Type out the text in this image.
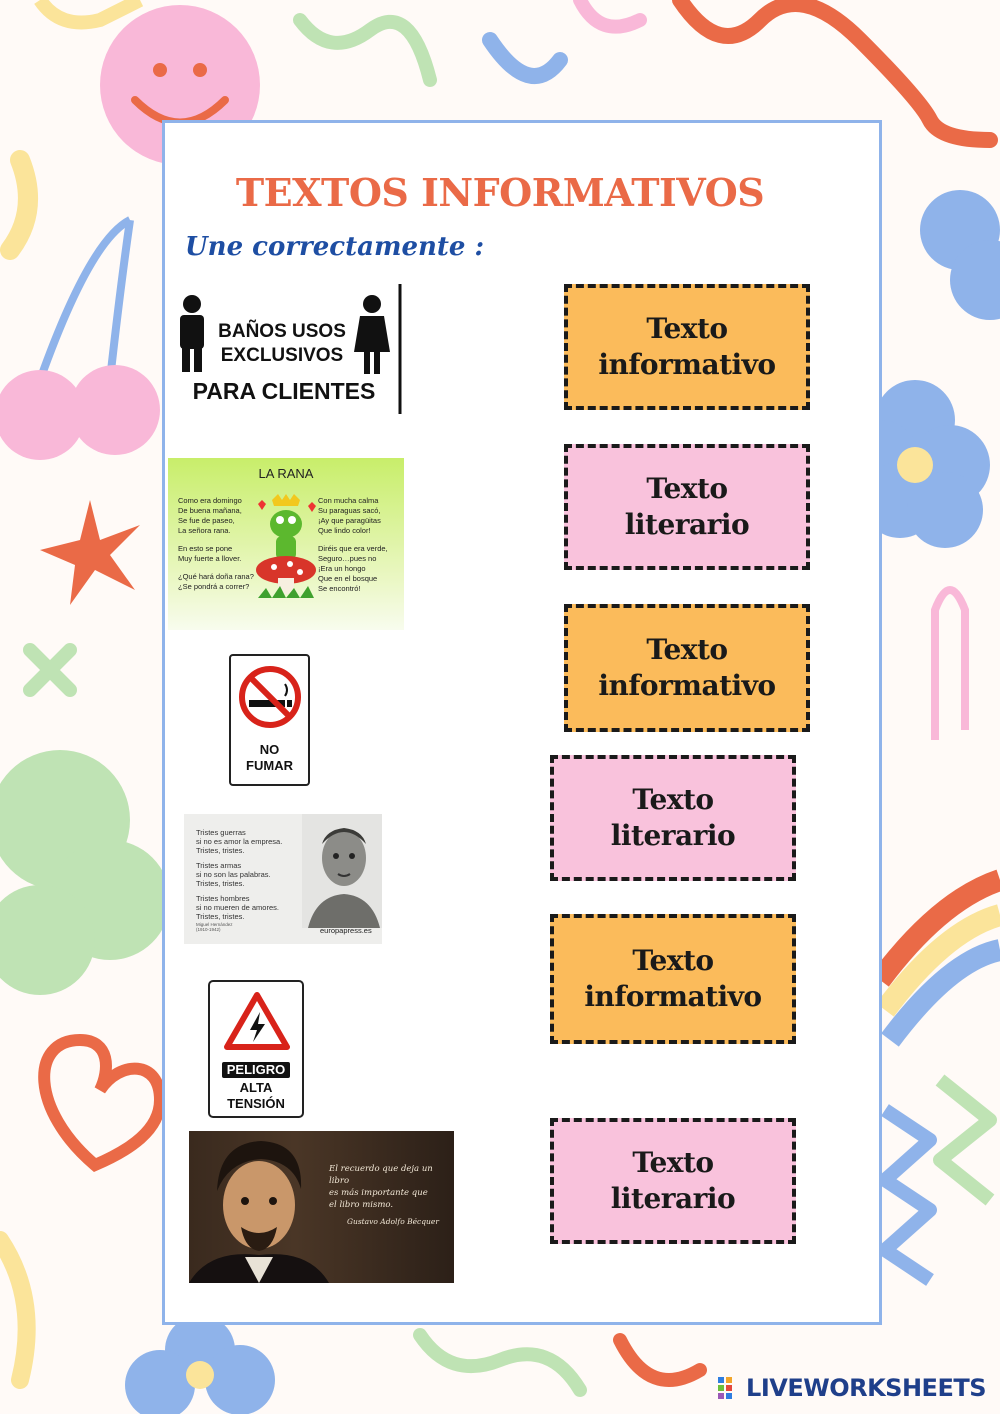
TEXTOS INFORMATIVOS
Une correctamente :
BAÑOS USOS
EXCLUSIVOS
PARA CLIENTES
LA RANA
Como era domingo
De buena mañana,
Se fue de paseo,
La señora rana.
En esto se pone
Muy fuerte a llover.
¿Qué hará doña rana?
¿Se pondrá a correr?
Con mucha calma
Su paraguas sacó,
¡Ay que paragüitas
Que lindo color!
Diréis que era verde,
Seguro…pues no
¡Era un hongo
Que en el bosque
Se encontró!
NO
FUMAR
Tristes guerras
si no es amor la empresa.
Tristes, tristes.
Tristes armas
si no son las palabras.
Tristes, tristes.
Tristes hombres
si no mueren de amores.
Tristes, tristes.
Miguel Hernández
(1910-1942)	europapress.es
PELIGRO
ALTA
TENSIÓN
El recuerdo que deja un libro
es más importante que
el libro mismo.
Gustavo Adolfo Bécquer
Texto
informativo
Texto
literario
Texto
informativo
Texto
literario
Texto
informativo
Texto
literario
LIVEWORKSHEETS
